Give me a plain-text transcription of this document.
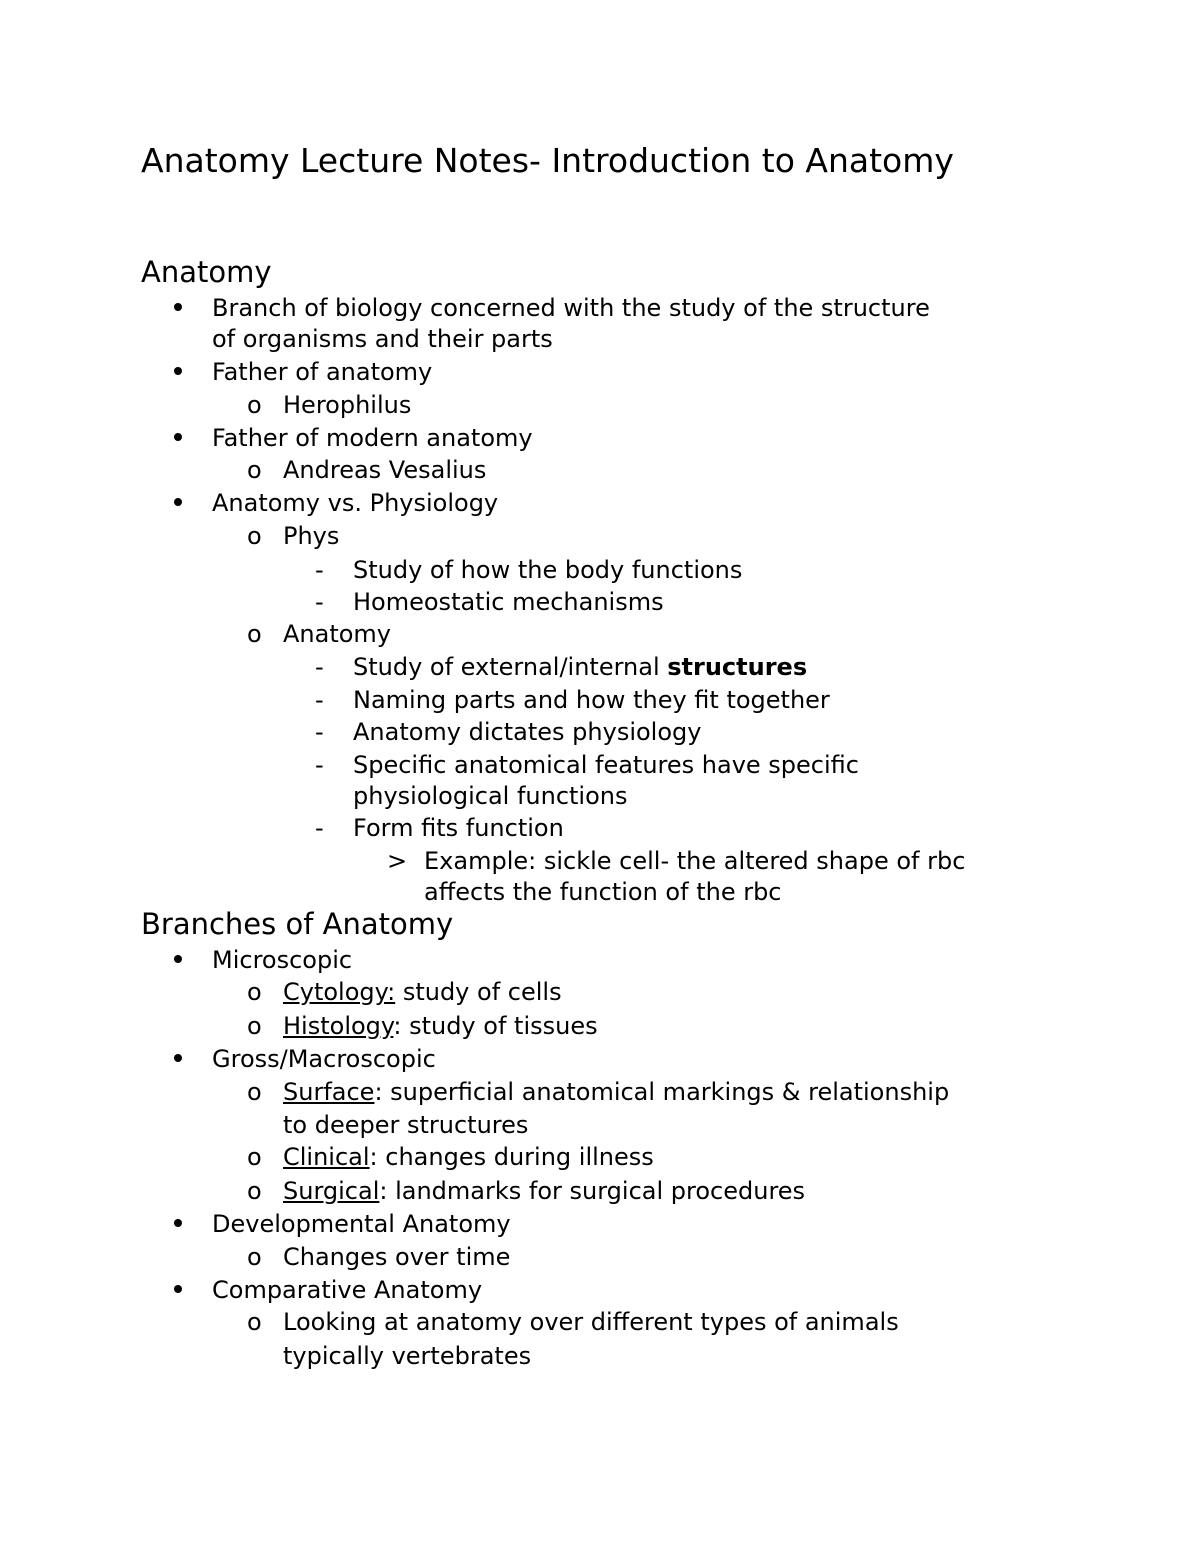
Anatomy Lecture Notes- Introduction to Anatomy
Anatomy
Branch of biology concerned with the study of the structure
of organisms and their parts
Father of anatomy
o Herophilus
Father of modern anatomy
o Andreas Vesalius
Anatomy vs. Physiology
o Phys
- Study of how the body functions
- Homeostatic mechanisms
o Anatomy
- Study of external/internal structures
- Naming parts and how they fit together
- Anatomy dictates physiology
- Specific anatomical features have specific
physiological functions
- Form fits function
> Example: sickle cell- the altered shape of rbc
affects the function of the rbc
Branches of Anatomy
Microscopic
o Cytology: study of cells
o Histology: study of tissues
Gross/Macroscopic
o Surface: superficial anatomical markings & relationship
to deeper structures
o Clinical: changes during illness
o Surgical: landmarks for surgical procedures
Developmental Anatomy
o Changes over time
Comparative Anatomy
o Looking at anatomy over different types of animals
typically vertebrates
